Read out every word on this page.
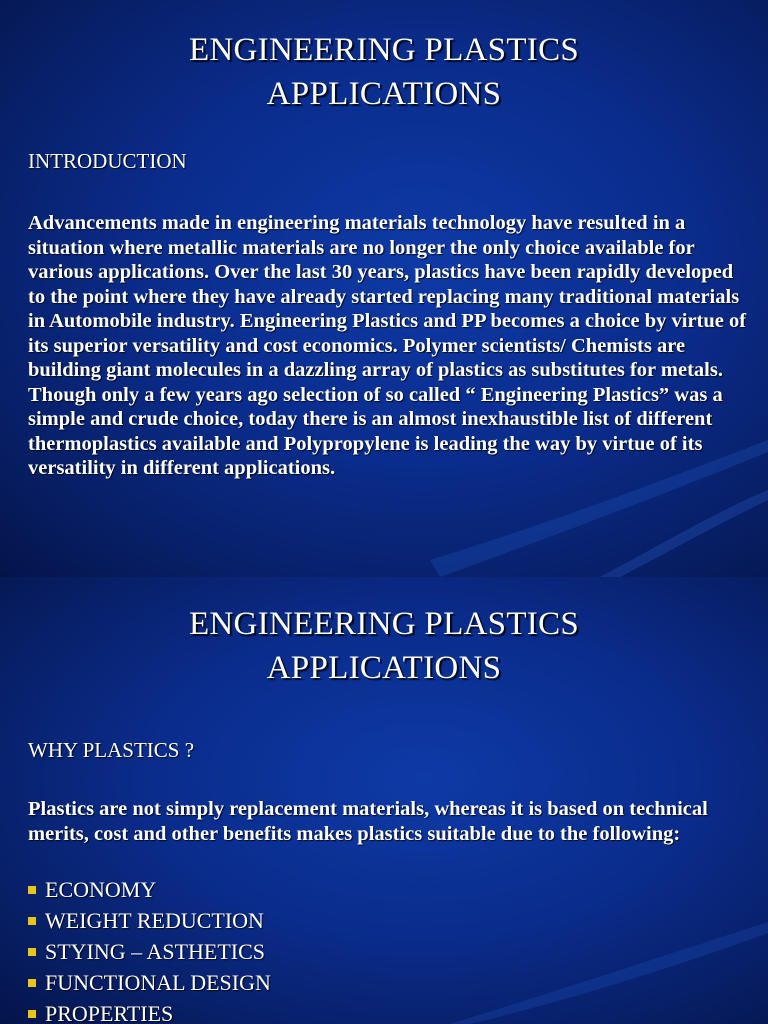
ENGINEERING PLASTICS
APPLICATIONS
INTRODUCTION
Advancements made in engineering materials technology have resulted in a situation where metallic materials are no longer the only choice available for various applications. Over the last 30 years, plastics have been rapidly developed to the point where they have already started replacing many traditional materials in Automobile industry. Engineering Plastics and PP becomes a choice by virtue of its superior versatility and cost economics. Polymer scientists/ Chemists are building giant molecules in a dazzling array of plastics as substitutes for metals. Though only a few years ago selection of so called “ Engineering Plastics” was a simple and crude choice, today there is an almost inexhaustible list of different thermoplastics available and Polypropylene is leading the way by virtue of its versatility in different applications.
ENGINEERING PLASTICS
APPLICATIONS
WHY PLASTICS ?
Plastics are not simply replacement materials, whereas it is based on technical merits, cost and other benefits makes plastics suitable due to the following:
ECONOMY
WEIGHT REDUCTION
STYING – ASTHETICS
FUNCTIONAL DESIGN
PROPERTIES
